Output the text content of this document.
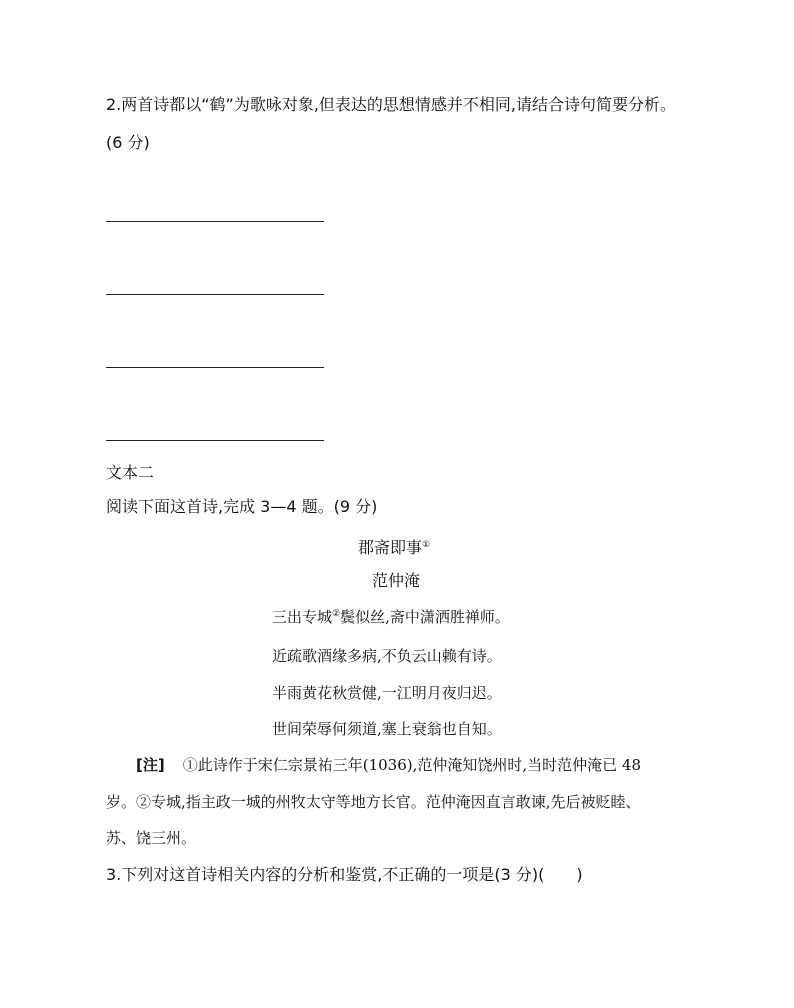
2.两首诗都以“鹤”为歌咏对象,但表达的思想情感并不相同,请结合诗句简要分析。
(6 分)
文本二
阅读下面这首诗,完成 3—4 题。(9 分)
郡斋即事①
范仲淹
三出专城②鬓似丝,斋中潇洒胜禅师。
近疏歌酒缘多病,不负云山赖有诗。
半雨黄花秋赏健,一江明月夜归迟。
世间荣辱何须道,塞上衰翁也自知。
[注] ①此诗作于宋仁宗景祐三年(1036),范仲淹知饶州时,当时范仲淹已 48
岁。②专城,指主政一城的州牧太守等地方长官。范仲淹因直言敢谏,先后被贬睦、
苏、饶三州。
3.下列对这首诗相关内容的分析和鉴赏,不正确的一项是(3 分)(　　)
